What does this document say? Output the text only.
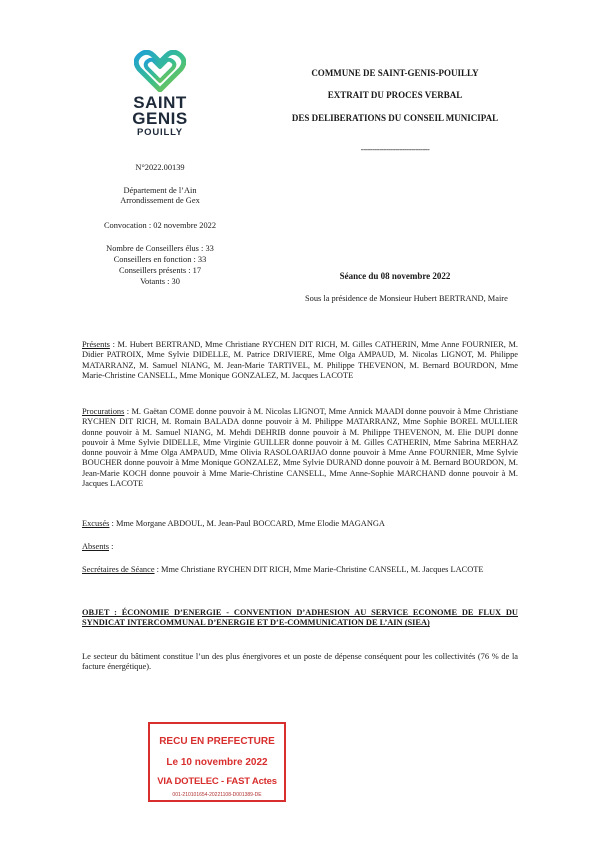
SAINT
GENIS
POUILLY
COMMUNE DE SAINT-GENIS-POUILLY
EXTRAIT DU PROCES VERBAL
DES DELIBERATIONS DU CONSEIL MUNICIPAL
------------------------------
N°2022.00139
Département de l’Ain
Arrondissement de Gex
Convocation : 02 novembre 2022
Nombre de Conseillers élus : 33
Conseillers en fonction : 33
Conseillers présents : 17
Votants : 30
Séance du 08 novembre 2022
Sous la présidence de Monsieur Hubert BERTRAND, Maire
Présents : M. Hubert BERTRAND, Mme Christiane RYCHEN DIT RICH, M. Gilles CATHERIN, Mme Anne FOURNIER, M. Didier PATROIX, Mme Sylvie DIDELLE, M. Patrice DRIVIERE, Mme Olga AMPAUD, M. Nicolas LIGNOT, M. Philippe MATARRANZ, M. Samuel NIANG, M. Jean-Marie TARTIVEL, M. Philippe THEVENON, M. Bernard BOURDON, Mme Marie-Christine CANSELL, Mme Monique GONZALEZ, M. Jacques LACOTE
Procurations : M. Gaëtan COME donne pouvoir à M. Nicolas LIGNOT, Mme Annick MAADI donne pouvoir à Mme Christiane RYCHEN DIT RICH, M. Romain BALADA donne pouvoir à M. Philippe MATARRANZ, Mme Sophie BOREL MULLIER donne pouvoir à M. Samuel NIANG, M. Mehdi DEHRIB donne pouvoir à M. Philippe THEVENON, M. Elie DUPI donne pouvoir à Mme Sylvie DIDELLE, Mme Virginie GUILLER donne pouvoir à M. Gilles CATHERIN, Mme Sabrina MERHAZ donne pouvoir à Mme Olga AMPAUD, Mme Olivia RASOLOARIJAO donne pouvoir à Mme Anne FOURNIER, Mme Sylvie BOUCHER donne pouvoir à Mme Monique GONZALEZ, Mme Sylvie DURAND donne pouvoir à M. Bernard BOURDON, M. Jean-Marie KOCH donne pouvoir à Mme Marie-Christine CANSELL, Mme Anne-Sophie MARCHAND donne pouvoir à M. Jacques LACOTE
Excusés : Mme Morgane ABDOUL, M. Jean-Paul BOCCARD, Mme Elodie MAGANGA
Absents :
Secrétaires de Séance : Mme Christiane RYCHEN DIT RICH, Mme Marie-Christine CANSELL, M. Jacques LACOTE
OBJET : ÉCONOMIE D’ENERGIE - CONVENTION D’ADHESION AU SERVICE ECONOME DE FLUX DU SYNDICAT INTERCOMMUNAL D’ENERGIE ET D’E-COMMUNICATION DE L’AIN (SIEA)
Le secteur du bâtiment constitue l’un des plus énergivores et un poste de dépense conséquent pour les collectivités (76 % de la facture énergétique).
RECU EN PREFECTURE
Le 10 novembre 2022
VIA DOTELEC - FAST Actes
001-210101654-20221108-D001389-DE
